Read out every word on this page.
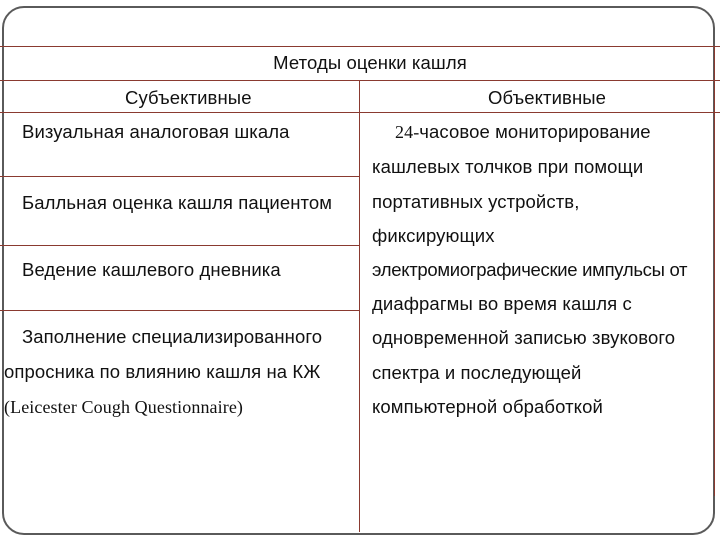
Методы оценки кашля
Субъективные	Объективные
Визуальная аналоговая шкала
Балльная оценка кашля пациентом
Ведение кашлевого дневника
Заполнение специализированного
опросника по влиянию кашля на КЖ
(Leicester Cough Questionnaire)
24-часовое мониторирование
кашлевых толчков при помощи
портативных устройств,
фиксирующих
электромиографические импульсы от
диафрагмы во время кашля с
одновременной записью звукового
спектра и последующей
компьютерной обработкой
